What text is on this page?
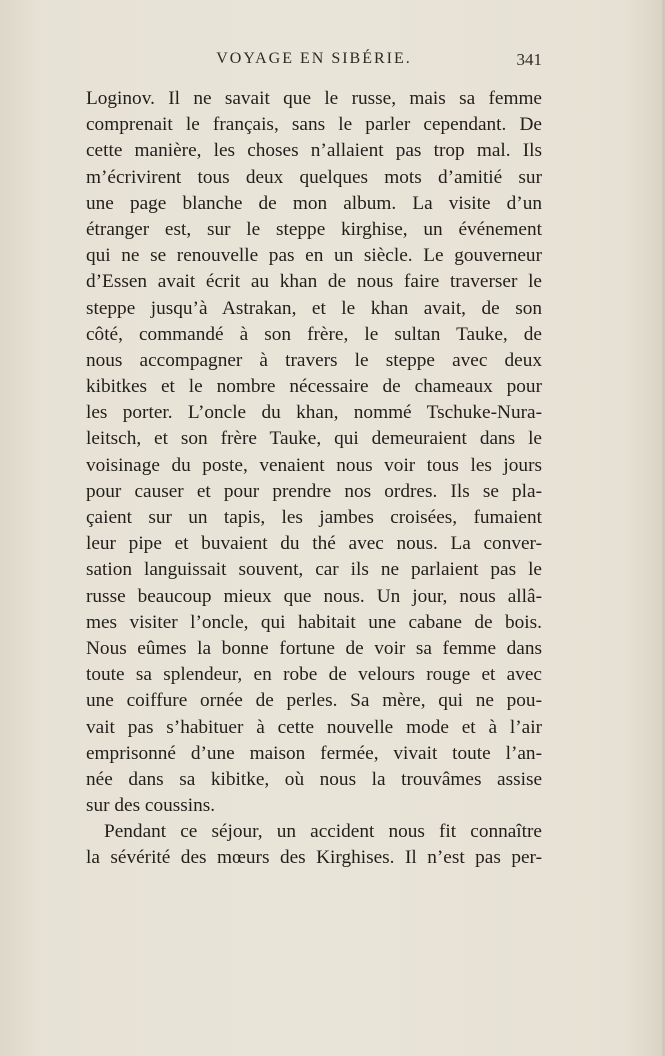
VOYAGE EN SIBÉRIE.	341
Loginov. Il ne savait que le russe, mais sa femme
comprenait le français, sans le parler cependant. De
cette manière, les choses n’allaient pas trop mal. Ils
m’écrivirent tous deux quelques mots d’amitié sur
une page blanche de mon album. La visite d’un
étranger est, sur le steppe kirghise, un événement
qui ne se renouvelle pas en un siècle. Le gouverneur
d’Essen avait écrit au khan de nous faire traverser le
steppe jusqu’à Astrakan, et le khan avait, de son
côté, commandé à son frère, le sultan Tauke, de
nous accompagner à travers le steppe avec deux
kibitkes et le nombre nécessaire de chameaux pour
les porter. L’oncle du khan, nommé Tschuke-Nura-
leitsch, et son frère Tauke, qui demeuraient dans le
voisinage du poste, venaient nous voir tous les jours
pour causer et pour prendre nos ordres. Ils se pla-
çaient sur un tapis, les jambes croisées, fumaient
leur pipe et buvaient du thé avec nous. La conver-
sation languissait souvent, car ils ne parlaient pas le
russe beaucoup mieux que nous. Un jour, nous allâ-
mes visiter l’oncle, qui habitait une cabane de bois.
Nous eûmes la bonne fortune de voir sa femme dans
toute sa splendeur, en robe de velours rouge et avec
une coiffure ornée de perles. Sa mère, qui ne pou-
vait pas s’habituer à cette nouvelle mode et à l’air
emprisonné d’une maison fermée, vivait toute l’an-
née dans sa kibitke, où nous la trouvâmes assise
sur des coussins.
Pendant ce séjour, un accident nous fit connaître
la sévérité des mœurs des Kirghises. Il n’est pas per-
